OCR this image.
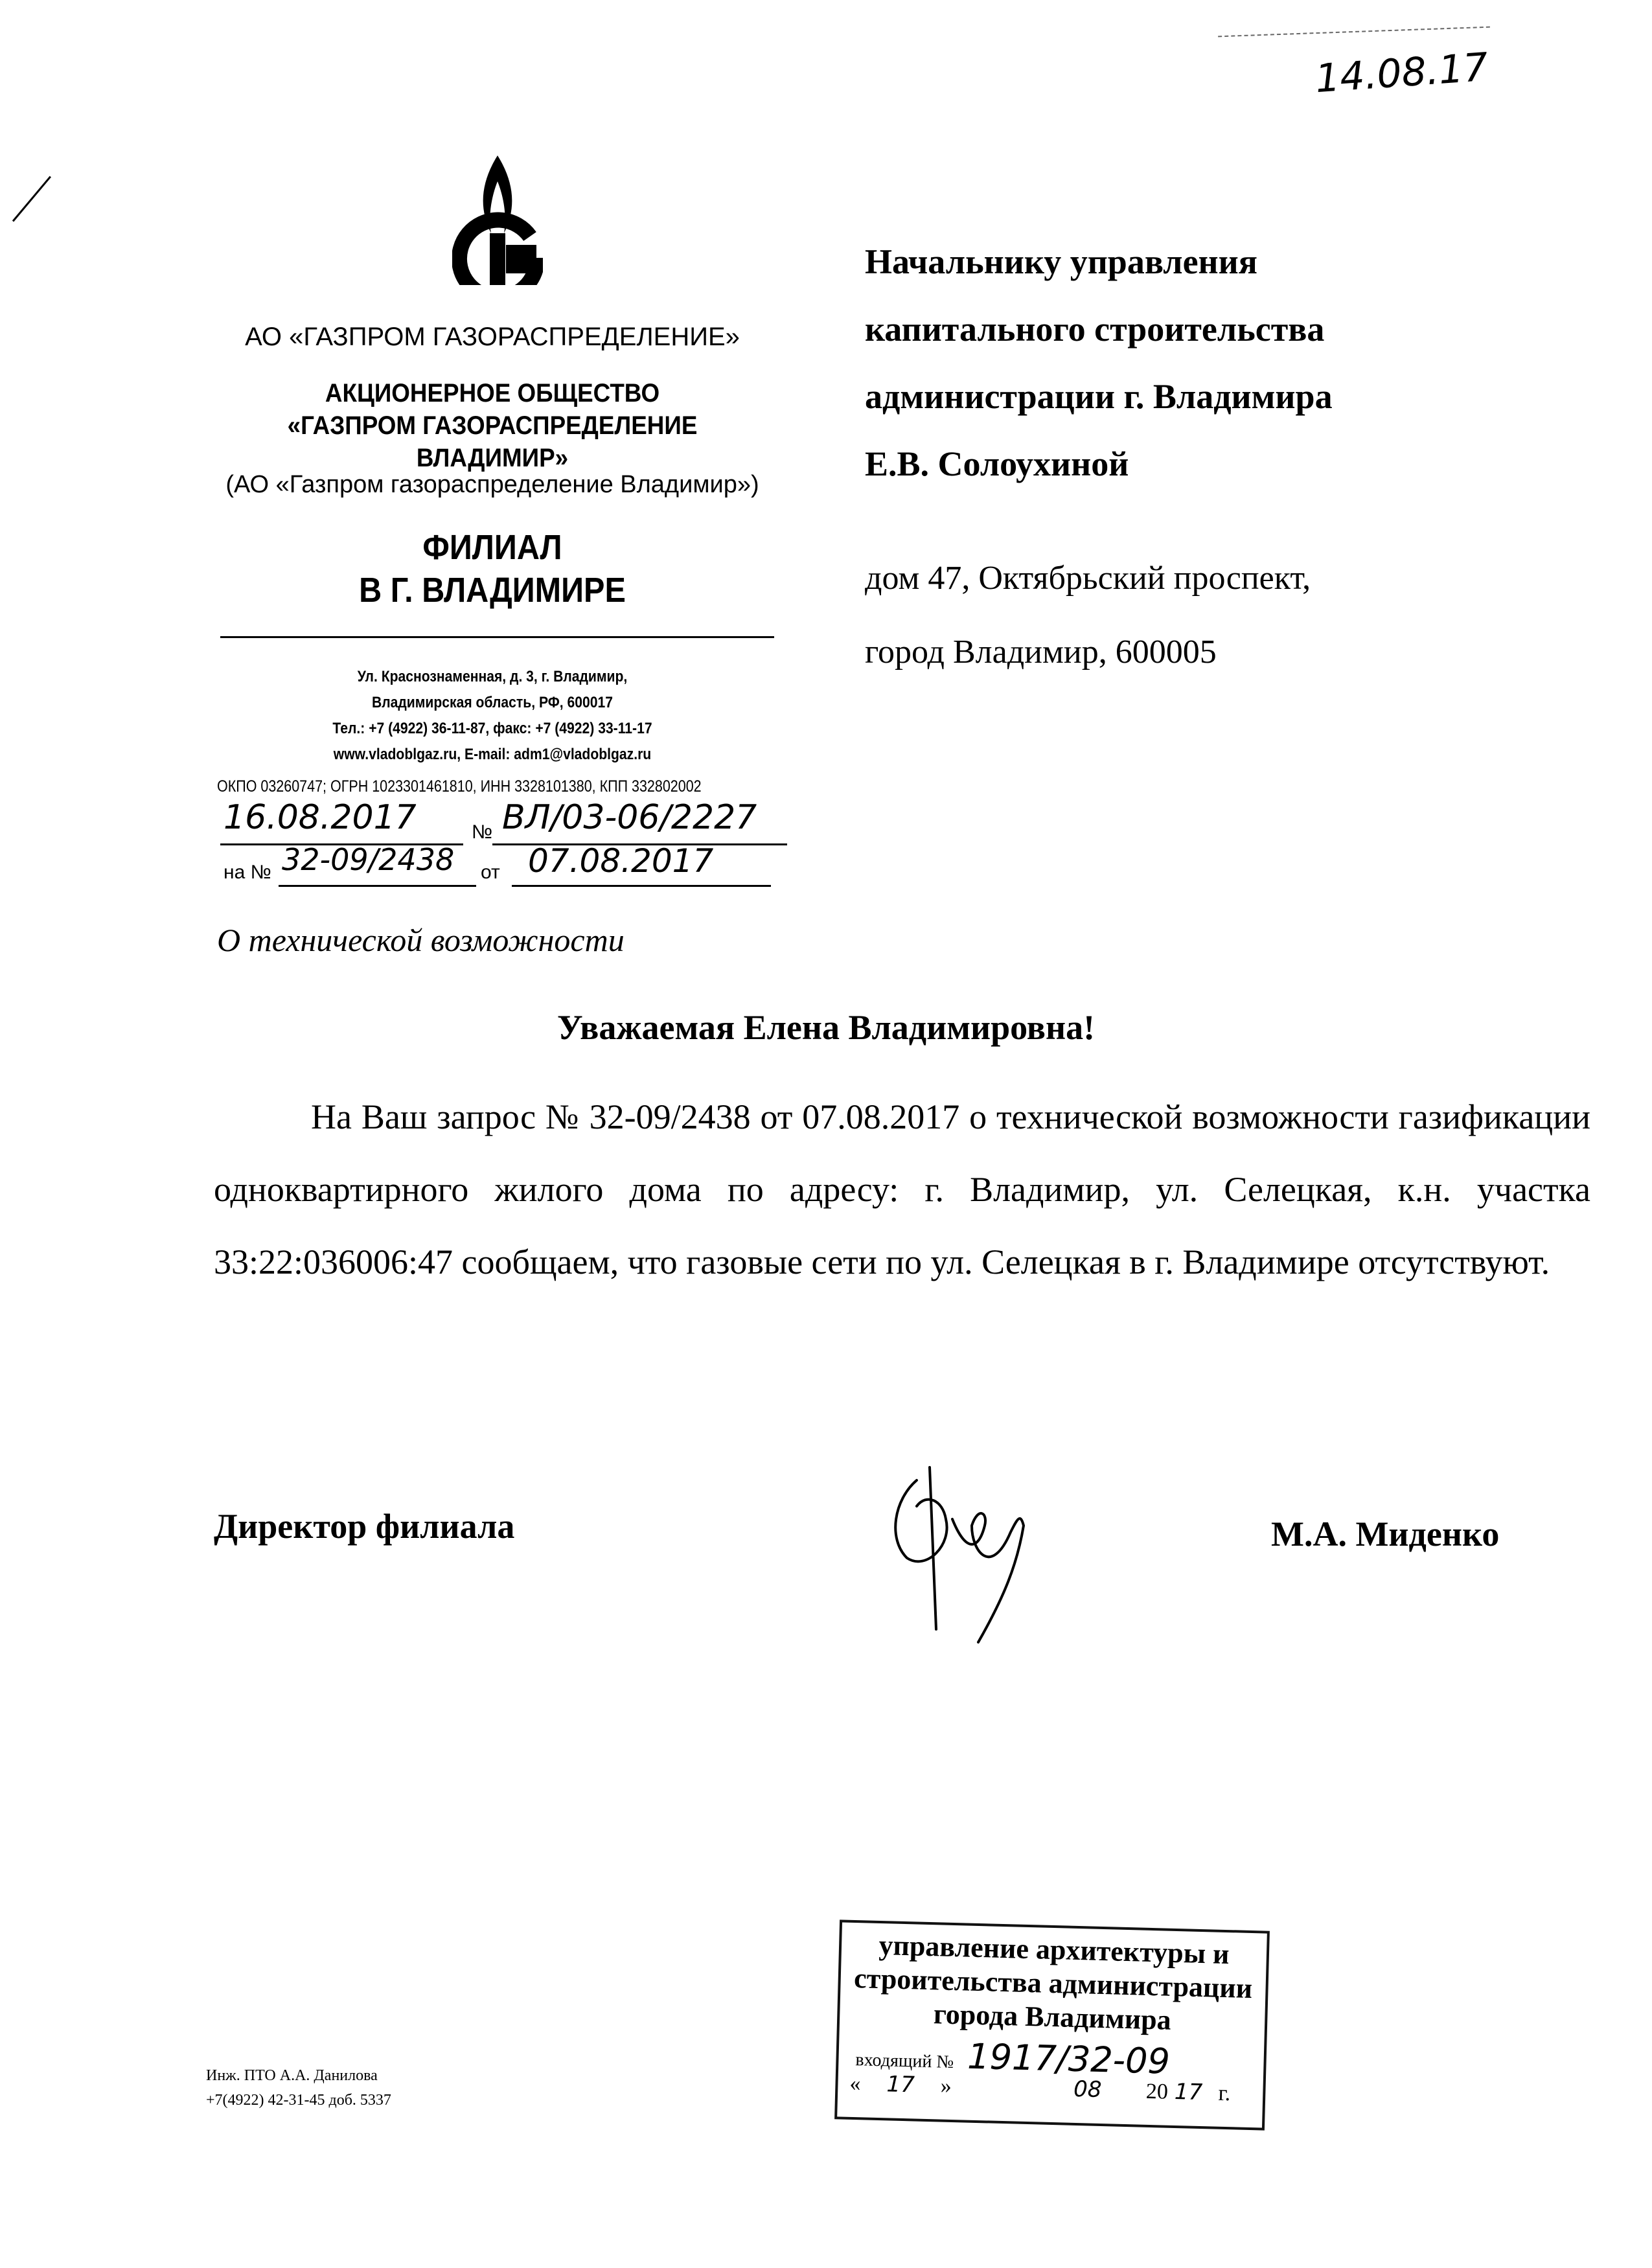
14.08.17
АО «ГАЗПРОМ ГАЗОРАСПРЕДЕЛЕНИЕ»
АКЦИОНЕРНОЕ ОБЩЕСТВО
«ГАЗПРОМ ГАЗОРАСПРЕДЕЛЕНИЕ ВЛАДИМИР»
(АО «Газпром газораспределение Владимир»)
ФИЛИАЛ
В Г. ВЛАДИМИРЕ
Ул. Краснознаменная, д. 3, г. Владимир,
Владимирская область, РФ, 600017
Тел.: +7 (4922) 36-11-87, факс: +7 (4922) 33-11-17
www.vladoblgaz.ru, E-mail: adm1@vladoblgaz.ru
ОКПО 03260747; ОГРН 1023301461810, ИНН 3328101380, КПП 332802002
16.08.2017	№ ВЛ/03-06/2227
на № 32-09/2438 от 07.08.2017
Начальнику управления
капитального строительства
администрации г. Владимира
Е.В. Солоухиной
дом 47, Октябрьский проспект,
город Владимир, 600005
О технической возможности
Уважаемая Елена Владимировна!
На Ваш запрос № 32-09/2438 от 07.08.2017 о технической возможности газификации одноквартирного жилого дома по адресу: г. Владимир, ул. Селецкая, к.н. участка 33:22:036006:47 сообщаем, что газовые сети по ул. Селецкая в г. Владимире отсутствуют.
Директор филиала	М.А. Миденко
Инж. ПТО А.А. Данилова
+7(4922) 42-31-45 доб. 5337
управление архитектуры и
строительства администрации
города Владимира
входящий № 1917/32-09
« 17 »	08 20 17 г.
